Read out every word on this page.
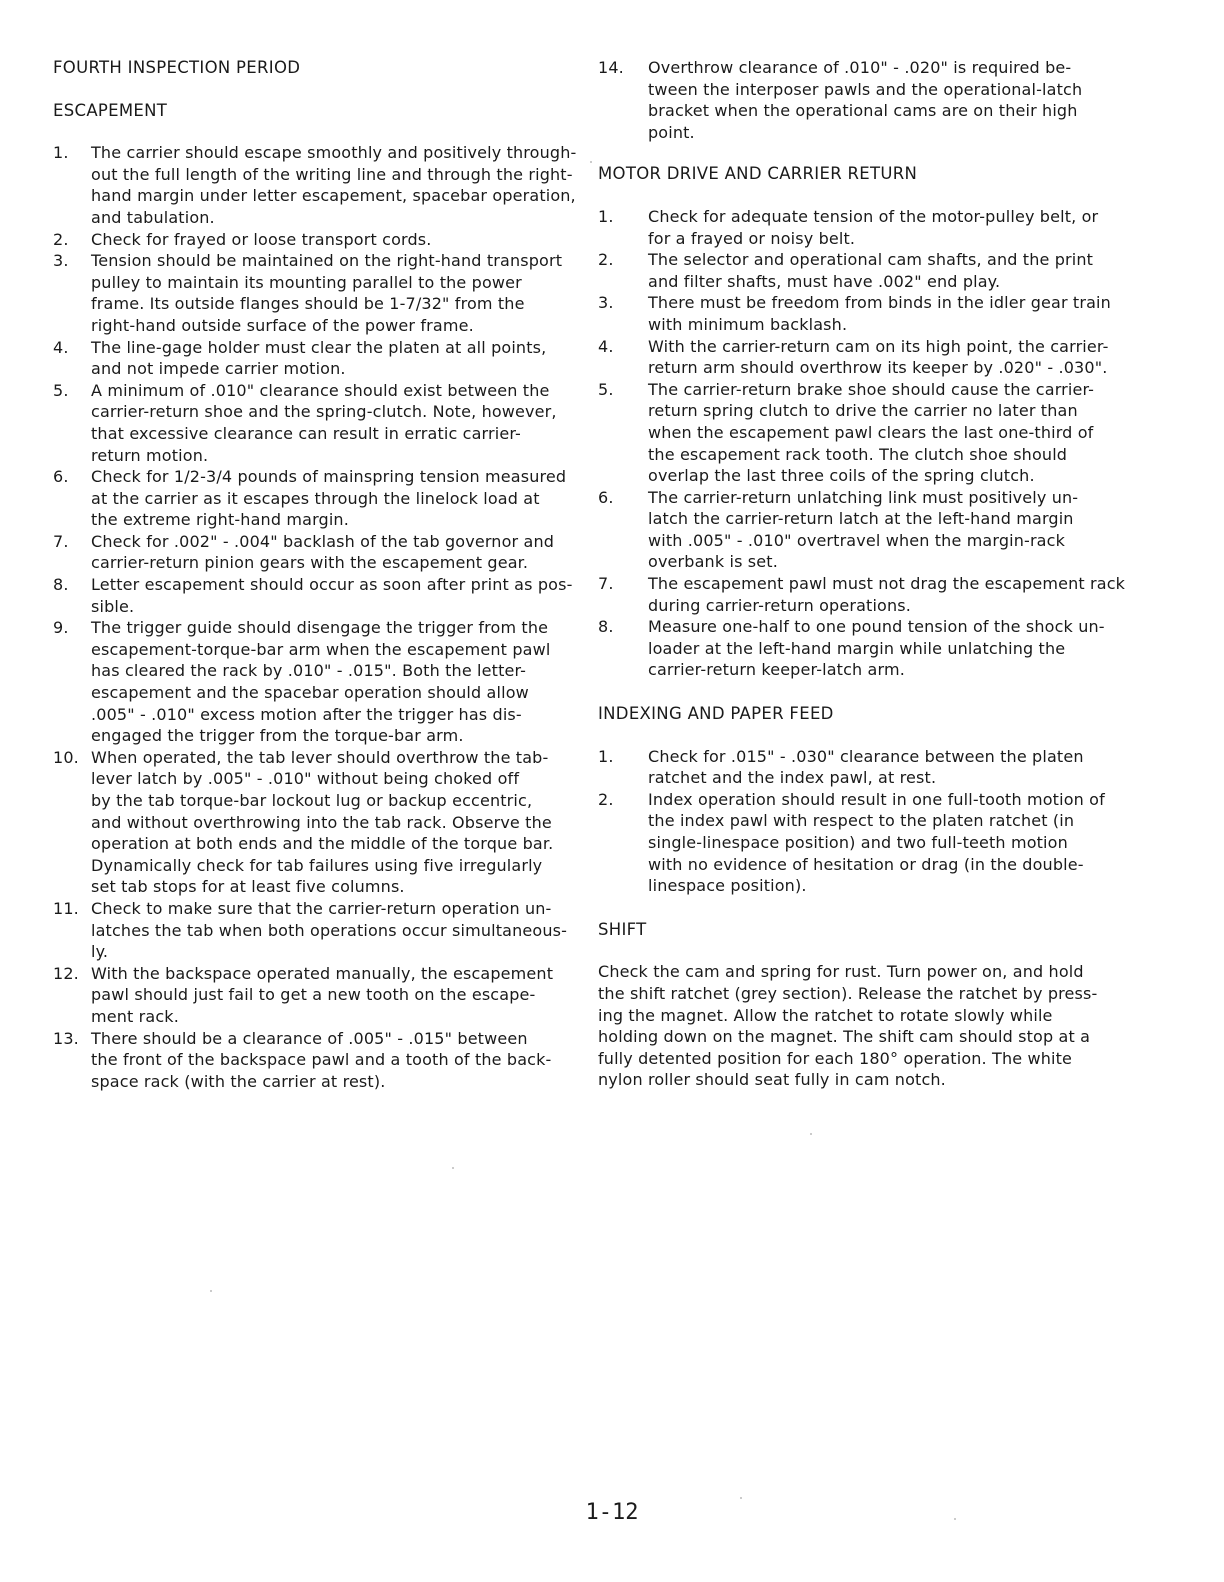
FOURTH INSPECTION PERIOD
ESCAPEMENT
1.	The carrier should escape smoothly and positively through-
out the full length of the writing line and through the right-
hand margin under letter escapement, spacebar operation,
and tabulation.
2.	Check for frayed or loose transport cords.
3.	Tension should be maintained on the right-hand transport
pulley to maintain its mounting parallel to the power
frame. Its outside flanges should be 1-7/32" from the
right-hand outside surface of the power frame.
4.	The line-gage holder must clear the platen at all points,
and not impede carrier motion.
5.	A minimum of .010" clearance should exist between the
carrier-return shoe and the spring-clutch. Note, however,
that excessive clearance can result in erratic carrier-
return motion.
6.	Check for 1/2-3/4 pounds of mainspring tension measured
at the carrier as it escapes through the linelock load at
the extreme right-hand margin.
7.	Check for .002" - .004" backlash of the tab governor and
carrier-return pinion gears with the escapement gear.
8.	Letter escapement should occur as soon after print as pos-
sible.
9.	The trigger guide should disengage the trigger from the
escapement-torque-bar arm when the escapement pawl
has cleared the rack by .010" - .015". Both the letter-
escapement and the spacebar operation should allow
.005" - .010" excess motion after the trigger has dis-
engaged the trigger from the torque-bar arm.
10. When operated, the tab lever should overthrow the tab-
lever latch by .005" - .010" without being choked off
by the tab torque-bar lockout lug or backup eccentric,
and without overthrowing into the tab rack. Observe the
operation at both ends and the middle of the torque bar.
Dynamically check for tab failures using five irregularly
set tab stops for at least five columns.
11. Check to make sure that the carrier-return operation un-
latches the tab when both operations occur simultaneous-
ly.
12. With the backspace operated manually, the escapement
pawl should just fail to get a new tooth on the escape-
ment rack.
13. There should be a clearance of .005" - .015" between
the front of the backspace pawl and a tooth of the back-
space rack (with the carrier at rest).
14.	Overthrow clearance of .010" - .020" is required be-
tween the interposer pawls and the operational-latch
bracket when the operational cams are on their high
point.
MOTOR DRIVE AND CARRIER RETURN
1.	Check for adequate tension of the motor-pulley belt, or
for a frayed or noisy belt.
2.	The selector and operational cam shafts, and the print
and filter shafts, must have .002" end play.
3.	There must be freedom from binds in the idler gear train
with minimum backlash.
4.	With the carrier-return cam on its high point, the carrier-
return arm should overthrow its keeper by .020" - .030".
5.	The carrier-return brake shoe should cause the carrier-
return spring clutch to drive the carrier no later than
when the escapement pawl clears the last one-third of
the escapement rack tooth. The clutch shoe should
overlap the last three coils of the spring clutch.
6.	The carrier-return unlatching link must positively un-
latch the carrier-return latch at the left-hand margin
with .005" - .010" overtravel when the margin-rack
overbank is set.
7.	The escapement pawl must not drag the escapement rack
during carrier-return operations.
8.	Measure one-half to one pound tension of the shock un-
loader at the left-hand margin while unlatching the
carrier-return keeper-latch arm.
INDEXING AND PAPER FEED
1.	Check for .015" - .030" clearance between the platen
ratchet and the index pawl, at rest.
2.	Index operation should result in one full-tooth motion of
the index pawl with respect to the platen ratchet (in
single-linespace position) and two full-teeth motion
with no evidence of hesitation or drag (in the double-
linespace position).
SHIFT

Check the cam and spring for rust. Turn power on, and hold
the shift ratchet (grey section). Release the ratchet by press-
ing the magnet. Allow the ratchet to rotate slowly while
holding down on the magnet. The shift cam should stop at a
fully detented position for each 180° operation. The white
nylon roller should seat fully in cam notch.

1-12
